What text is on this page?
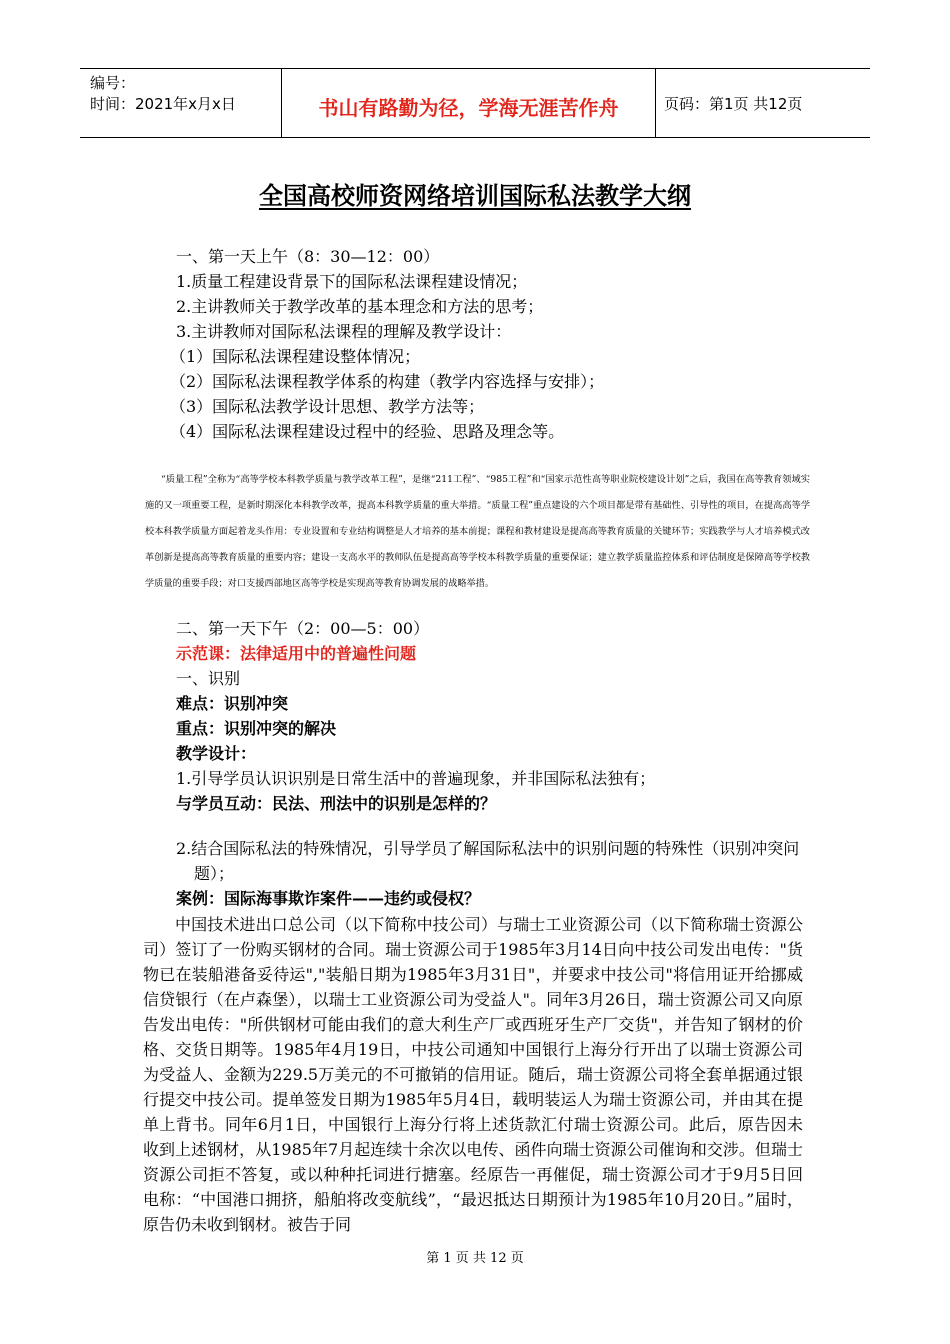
编号：
时间：2021年x月x日	书山有路勤为径，学海无涯苦作舟	页码：第1页 共12页
全国高校师资网络培训国际私法教学大纲

一、第一天上午（8：30—12：00）

1.质量工程建设背景下的国际私法课程建设情况；

2.主讲教师关于教学改革的基本理念和方法的思考；

3.主讲教师对国际私法课程的理解及教学设计：

（1）国际私法课程建设整体情况；

（2）国际私法课程教学体系的构建（教学内容选择与安排）；

（3）国际私法教学设计思想、教学方法等；

（4）国际私法课程建设过程中的经验、思路及理念等。

“质量工程”全称为“高等学校本科教学质量与教学改革工程”，是继“211工程”、“985工程”和“国家示范性高等职业院校建设计划”之后，我国在高等教育领域实施的又一项重要工程，是新时期深化本科教学改革，提高本科教学质量的重大举措。“质量工程”重点建设的六个项目都是带有基础性、引导性的项目，在提高高等学校本科教学质量方面起着龙头作用：专业设置和专业结构调整是人才培养的基本前提；课程和教材建设是提高高等教育质量的关键环节；实践教学与人才培养模式改革创新是提高高等教育质量的重要内容；建设一支高水平的教师队伍是提高高等学校本科教学质量的重要保证；建立教学质量监控体系和评估制度是保障高等学校教学质量的重要手段；对口支援西部地区高等学校是实现高等教育协调发展的战略举措。

二、第一天下午（2：00—5：00）

示范课：法律适用中的普遍性问题

一、识别

难点：识别冲突

重点：识别冲突的解决

教学设计：

1.引导学员认识识别是日常生活中的普遍现象，并非国际私法独有；

与学员互动：民法、刑法中的识别是怎样的？

2.结合国际私法的特殊情况，引导学员了解国际私法中的识别问题的特殊性（识别冲突问题）；

案例：国际海事欺诈案件——违约或侵权？

中国技术进出口总公司（以下简称中技公司）与瑞士工业资源公司（以下简称瑞士资源公司）签订了一份购买钢材的合同。瑞士资源公司于1985年3月14日向中技公司发出电传："货物已在装船港备妥待运","装船日期为1985年3月31日"，并要求中技公司"将信用证开给挪威信贷银行（在卢森堡），以瑞士工业资源公司为受益人"。同年3月26日，瑞士资源公司又向原告发出电传："所供钢材可能由我们的意大利生产厂或西班牙生产厂交货"，并告知了钢材的价格、交货日期等。1985年4月19日，中技公司通知中国银行上海分行开出了以瑞士资源公司为受益人、金额为229.5万美元的不可撤销的信用证。随后，瑞士资源公司将全套单据通过银行提交中技公司。提单签发日期为1985年5月4日，载明装运人为瑞士资源公司，并由其在提单上背书。同年6月1日，中国银行上海分行将上述货款汇付瑞士资源公司。此后，原告因未收到上述钢材，从1985年7月起连续十余次以电传、函件向瑞士资源公司催询和交涉。但瑞士资源公司拒不答复，或以种种托词进行搪塞。经原告一再催促，瑞士资源公司才于9月5日回电称：“中国港口拥挤，船舶将改变航线”，“最迟抵达日期预计为1985年10月20日。”届时，原告仍未收到钢材。被告于同
第 1 页 共 12 页
